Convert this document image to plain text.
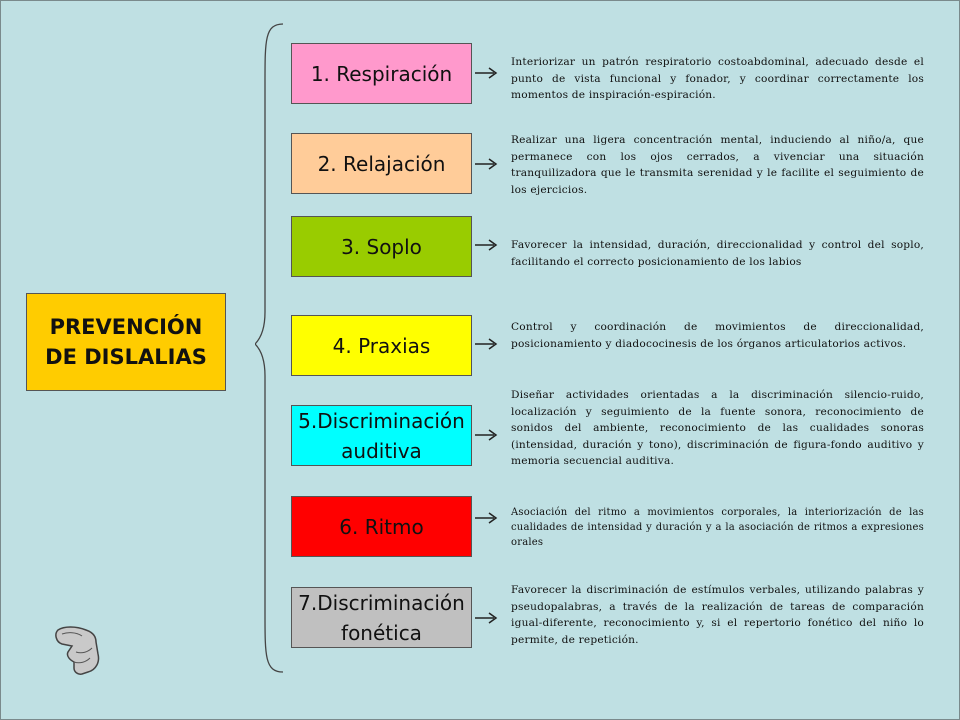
PREVENCIÓN
DE DISLALIAS
1. Respiración	Interiorizar un patrón respiratorio costoabdominal, adecuado desde el punto de vista funcional y fonador, y coordinar correctamente los momentos de inspiración-espiración.
2. Relajación
Realizar una ligera concentración mental, induciendo al niño/a, que permanece con los ojos cerrados, a vivenciar una situación tranquilizadora que le transmita serenidad y le facilite el seguimiento de los ejercicios.
3. Soplo	Favorecer la intensidad, duración, direccionalidad y control del soplo, facilitando el correcto posicionamiento de los labios
4. Praxias
Control y coordinación de movimientos de direccionalidad, posicionamiento y diadococinesis de los órganos articulatorios activos.
5.Discriminación
auditiva
Diseñar actividades orientadas a la discriminación silencio-ruido, localización y seguimiento de la fuente sonora, reconocimiento de sonidos del ambiente, reconocimiento de las cualidades sonoras (intensidad, duración y tono), discriminación de figura-fondo auditivo y memoria secuencial auditiva.
6. Ritmo
Asociación del ritmo a movimientos corporales, la interiorización de las cualidades de intensidad y duración y a la asociación de ritmos a expresiones orales
7.Discriminación
fonética
Favorecer la discriminación de estímulos verbales, utilizando palabras y pseudopalabras, a través de la realización de tareas de comparación igual-diferente, reconocimiento y, si el repertorio fonético del niño lo permite, de repetición.
